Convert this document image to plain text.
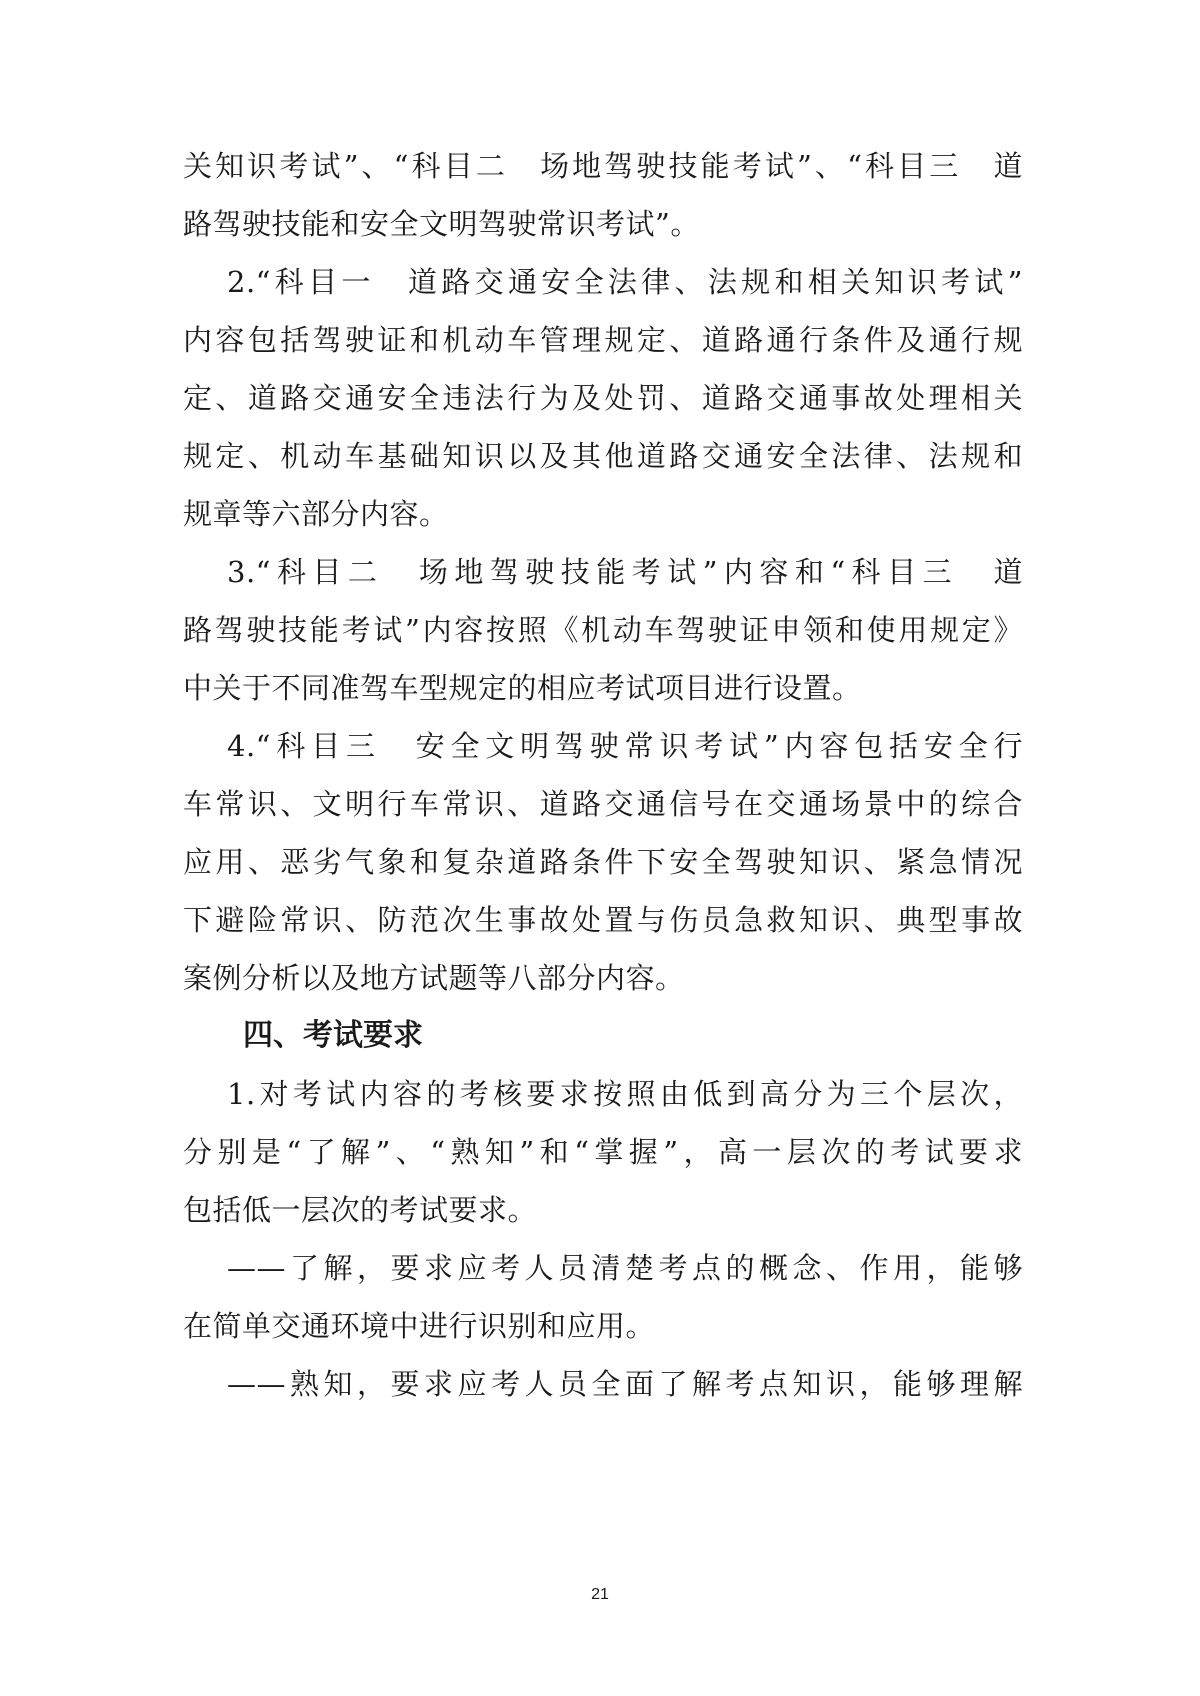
关知识考试”、“科目二　场地驾驶技能考试”、“科目三　道
路驾驶技能和安全文明驾驶常识考试”。
2.“科目一　道路交通安全法律、法规和相关知识考试”
内容包括驾驶证和机动车管理规定、道路通行条件及通行规
定、道路交通安全违法行为及处罚、道路交通事故处理相关
规定、机动车基础知识以及其他道路交通安全法律、法规和
规章等六部分内容。
3.“科目二　场地驾驶技能考试”内容和“科目三　道
路驾驶技能考试”内容按照《机动车驾驶证申领和使用规定》
中关于不同准驾车型规定的相应考试项目进行设置。
4.“科目三　安全文明驾驶常识考试”内容包括安全行
车常识、文明行车常识、道路交通信号在交通场景中的综合
应用、恶劣气象和复杂道路条件下安全驾驶知识、紧急情况
下避险常识、防范次生事故处置与伤员急救知识、典型事故
案例分析以及地方试题等八部分内容。
四、考试要求
1.对考试内容的考核要求按照由低到高分为三个层次，
分别是“了解”、“熟知”和“掌握”，高一层次的考试要求
包括低一层次的考试要求。
——了解，要求应考人员清楚考点的概念、作用，能够
在简单交通环境中进行识别和应用。
——熟知，要求应考人员全面了解考点知识，能够理解
21
